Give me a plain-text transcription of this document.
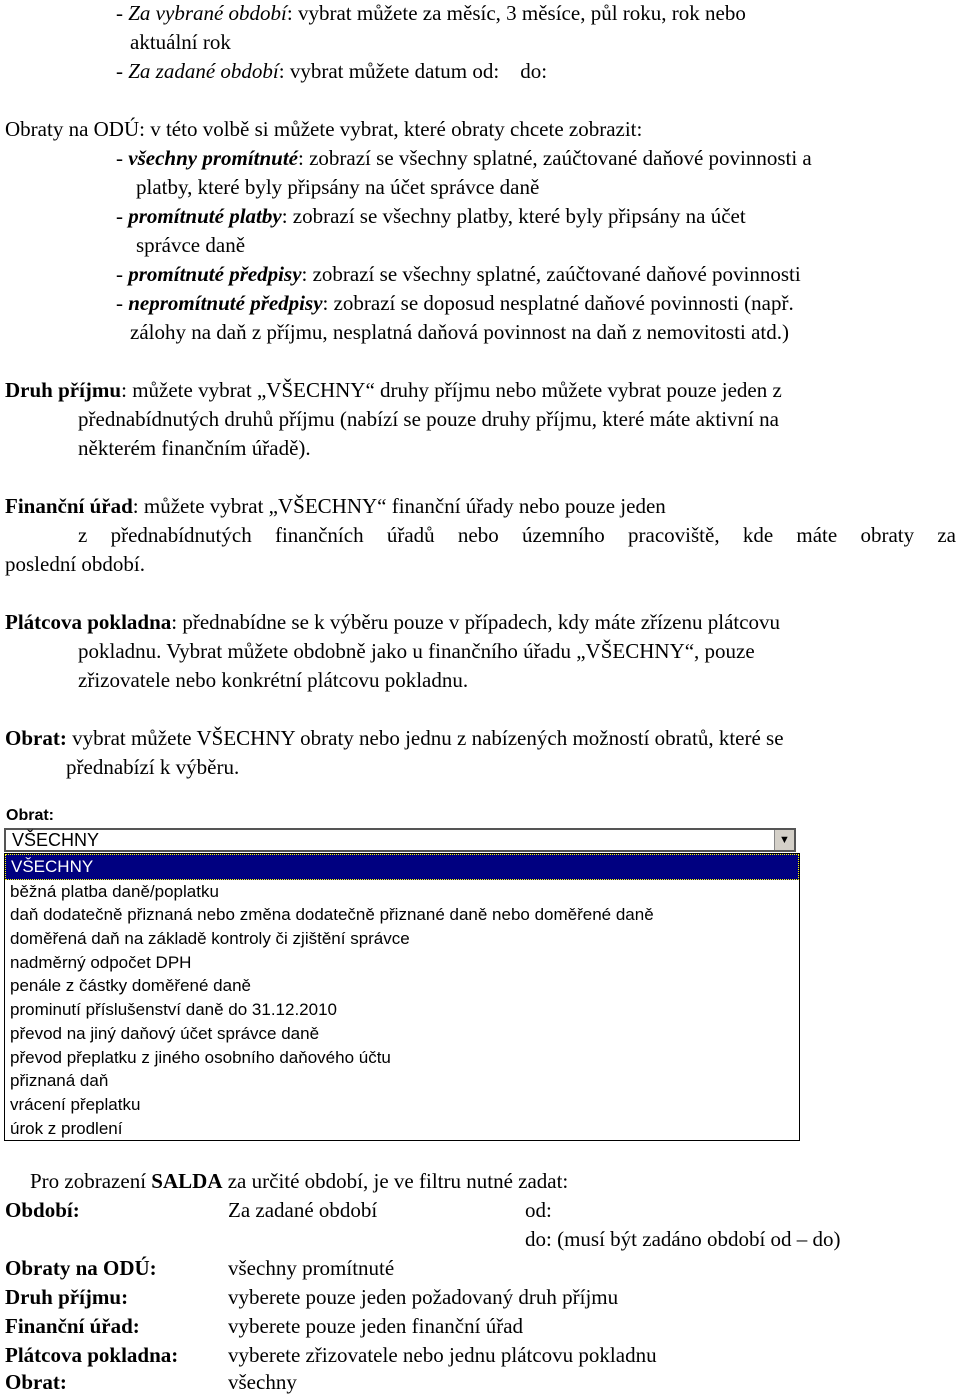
- Za vybrané období: vybrat můžete za měsíc, 3 měsíce, půl roku, rok nebo
aktuální rok
- Za zadané období: vybrat můžete datum od:    do:
Obraty na ODÚ: v této volbě si můžete vybrat, které obraty chcete zobrazit:
- všechny promítnuté: zobrazí se všechny splatné, zaúčtované daňové povinnosti a
platby, které byly připsány na účet správce daně
- promítnuté platby: zobrazí se všechny platby, které byly připsány na účet
správce daně
- promítnuté předpisy: zobrazí se všechny splatné, zaúčtované daňové povinnosti
- nepromítnuté předpisy: zobrazí se doposud nesplatné daňové povinnosti (např.
zálohy na daň z příjmu, nesplatná daňová povinnost na daň z nemovitosti atd.)
Druh příjmu: můžete vybrat „VŠECHNY“ druhy příjmu nebo můžete vybrat pouze jeden z
přednabídnutých druhů příjmu (nabízí se pouze druhy příjmu, které máte aktivní na
některém finančním úřadě).
Finanční úřad: můžete vybrat „VŠECHNY“ finanční úřady nebo pouze jeden
z přednabídnutých finančních úřadů nebo územního pracoviště, kde máte obraty za
poslední období.
Plátcova pokladna: přednabídne se k výběru pouze v případech, kdy máte zřízenu plátcovu
pokladnu. Vybrat můžete obdobně jako u finančního úřadu „VŠECHNY“, pouze
zřizovatele nebo konkrétní plátcovu pokladnu.
Obrat: vybrat můžete VŠECHNY obraty nebo jednu z nabízených možností obratů, které se
přednabízí k výběru.
Obrat:
VŠECHNY	▼
VŠECHNY
běžná platba daně/poplatku
daň dodatečně přiznaná nebo změna dodatečně přiznané daně nebo doměřené daně
doměřená daň na základě kontroly či zjištění správce
nadměrný odpočet DPH
penále z částky doměřené daně
prominutí příslušenství daně do 31.12.2010
převod na jiný daňový účet správce daně
převod přeplatku z jiného osobního daňového účtu
přiznaná daň
vrácení přeplatku
úrok z prodlení
Pro zobrazení SALDA za určité období, je ve filtru nutné zadat:
Období:	Za zadané období	od:
do: (musí být zadáno období od – do)
Obraty na ODÚ:	všechny promítnuté
Druh příjmu:	vyberete pouze jeden požadovaný druh příjmu
Finanční úřad:	vyberete pouze jeden finanční úřad
Plátcova pokladna: vyberete zřizovatele nebo jednu plátcovu pokladnu
Obrat:	všechny
